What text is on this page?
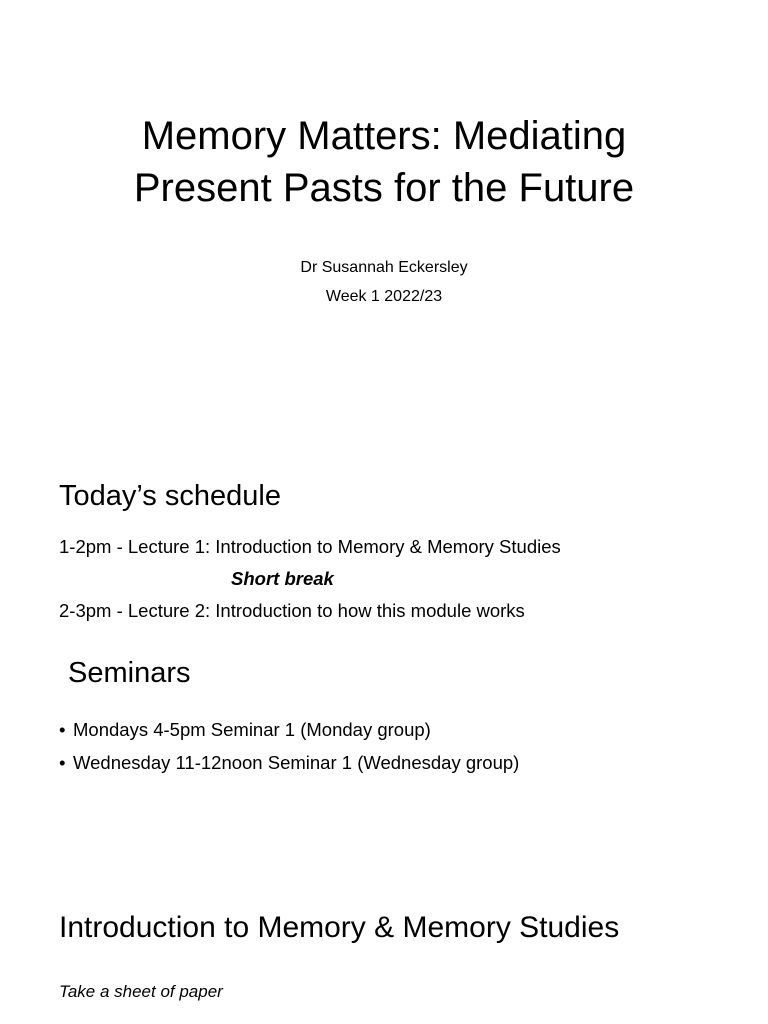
Memory Matters: Mediating
Present Pasts for the Future
Dr Susannah Eckersley
Week 1 2022/23
Today’s schedule
1-2pm - Lecture 1: Introduction to Memory & Memory Studies
Short break
2-3pm - Lecture 2: Introduction to how this module works
Seminars
• Mondays 4-5pm Seminar 1 (Monday group)
• Wednesday 11-12noon Seminar 1 (Wednesday group)
Introduction to Memory & Memory Studies
Take a sheet of paper
